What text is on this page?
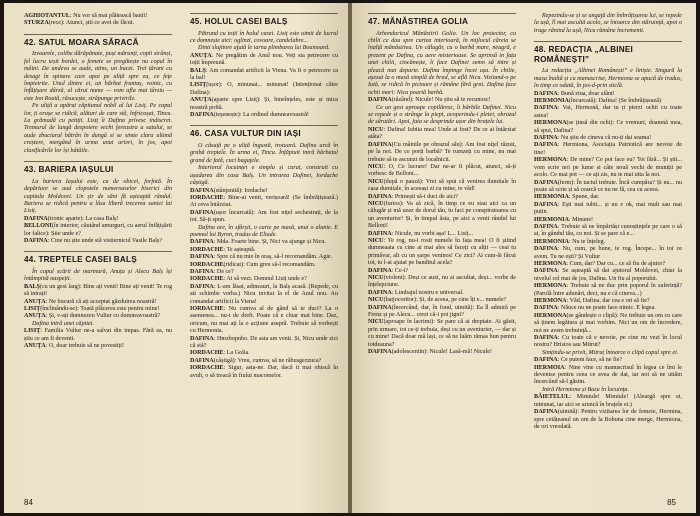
AGHIOTANTUL: Nu vor să mai plătească banii!

STURZA(rece): Atunci, știi ce avei de făcut.

42. SATUL MOARA SĂRACĂ

Izvoarele, colibe dărăpănate, puși mărunți, copii strânși, fel lucru ieșit bordei, o femeie se pregătește nu copul în mâini. De undeva se aude, atins, un bucet. Trei țărani cu desagi în spinare care apoi pe uliță spre ea, ce fețe împietrite. Unul dintre ei, un bărbat fruntaș, voinic, cu înfățișare dârză, al cărui nume — vom afla mai târziu — este Ion Roată, răsucește, străpunge privirile.

Pe uliță a apărut căpitanul nobil al lui Lisiț. Pe capul lor, ți orașe se ridică, alături de care stă, înfricoșat, Tincu. La grămadă cu petiții. Lisiț îi Dafina privesc indiscret. Tremurul de lungă despoiere vechi fereastra a satului, se aude zbuciurul bătrân în dungă si se simte clara ultimă creștere, mergând în urma unui arieri, în jos, apoi clasificările lor își bătăile.

43. BARIERA IAȘULUI

La bariera Iașului este, ca de obicei, forfotă. În depărtare se aud clopotele numeroaselor biserici din capitala Moldovei. Un șir de săni fă așteaptă rândul. Bariera se ridică pentru a lăsa liberă trecerea saniei lui Lisiț.

DAFINA(ironic aparte): La casa Balș!

BELLONI(în interior, căutând amurguri, cu aerul înfățișării lor falice): Știe unde e?

DAFINA: Cine nu știe unde stă vistiernicul Vasile Balș?

44. TREPTELE CASEI BALȘ

În capul scării de marmură, Anuța și Alecu Balș își întâmpină oaspeții.

BALȘ(cu un gest larg): Bine ați venit! Bine ați venit! Te rog să intrați!

ANUȚA: Ne bucură că ați acceptat găzduirea noastră!

LISIȚ(înclinându-se): Toată plăcerea este pentru mine!

ANUȚA: Și, v-ați dumnezeu Vultur cu dumneavoastră?

Dafina intră unei căpitei.

LISIȚ: Familia Vultur ne-a salvat din impas. Fără ea, nu știu ce am fi devenit.

ANUȚA: O, doar trebuie să ne povestiți!

45. HOLUL CASEI BALȘ

Pătrund cu toții în holul casei. Lisiț este uimit de lucrul ce domnește aici: oglinzi, covoare, candelabre...

Dinti slujitore ajută le iarna plimbarea lui Boumoard.

ANUȚA: Ne pregătim de Anul nou. Veți sta petrecere cu toții împreună.

BALȘ: Am comandat artificii la Viena. Va fi o petrecere ca la bal!

LISIȚ(ușor): O, minunat... minunat! (Intenționat către Dafina):

ANUȚA(aparte spre Lisiț): Și, bineînțeles, este și mica noastră poftă.

DAFINA(ieșenește): La ordinul dumneavoastră!

46. CASA VULTUR DIN IAȘI

O căsuță pe o uliță îngustă, trotuară. Dafina urcă în grabă treptele. În urma ei, Tincu. Înfăptuit intră bărbatul grand de fată, cuci bagajele.

Interiorul locuinței e simplu și curat, construit cu așadarea din casa Balș. Un intrarea Dafinei, Iordache câștigă.

DAFINA(stânjenită): Iordache!

IORDACHE: Bine-ai venit, verișoară! (Se îmbrățișează.) Ai ceva întârziat.

DAFINA(ușor încurcată): Am fost nițel sechestrați, de la tot. Să-ți spun.

Dafina are, în sfârșit, o carte pe masă, unui o alunie. E poemul lui Byron, tradus de Eliade.

DAFINA: Mda. Foarte bine. Și, Nici va ajunge și Nicu.

IORDACHE: Te așteaptă.

DAFINA: Spre că nu mie în oraș, să-l recomandăm. Agie.

IORDACHE(ridicat): Cum greu să-l recomandăm.

DAFINA: De ce?

IORDACHE: Ai să vezi. Domnul Lisiț unde e?

DAFINA: L-am lăsat, adineauri, la Balș acasă. (Repede, cu ait schimbe vorba.) Nicu invitat la el de Anul nou. Au comandat artificii la Viena!

IORDACHE: Nu cumva al de gând să te duci? La o asemenea... nu-i de dreft. Poate că e chiar mai bine. Daz, oricum, nu mai ați la o acțiune asupră. Trebuie să vorbești cu Hermonia.

DAFINA: Hmzbopnbo. De asta am venit. Și, Nicu unde zici că stă?

IORDACHE: La Golia.

DAFINA(câștigă): Vreu, cumva, să ne răbusgezzuca?

IORDACHE: Sigur, asta-ne. Dar, dacă it mai ohiscă în avult, o să treacă în fiului macomelor.

84
47. MĂNĂSTIREA GOLIA

Arhondaricul Mănăstirii Golia. Un loc protector, cu chilii ce dau spre curtea interioară, în mijlocul căreia se înalță mănăstirea. Un călugăr, cu o barbă mare, neagră, e prezent pe Dafina, cu aere misterioase. Se aprinsă in fața unei chilii, ciocănește, îi face Dafinei semn să intre și pleacă mai departe. Dafina împinge încet ușa. În chilie, așezat la o masă simplă de brad, se află Nicu. Vizitand-o pe Iută, se ridică în picioare și rămâne fără grai. Dafina face ochii mari: Nicu poartă barbă.

DAFINA(râzând): Nicule! Nu știu să te recunosc!

Ce un gest aproape copilăresc, îi bărbile Dafinei. Nicu se repede și o strânge la piept, acoperindu-i pletei, obrazul de sărutări. Apoi, fata se desprinde ușor din brațele lui.

NICU: Dafina! Iubita mea! Unde ai fost? De ce ai întârziat atâta?

DAFINA(Cu mâinile pe obrazul său): Am fost nițel răzuit, pe la noi. De ce porți barbă? Te rumzeți cu mine, nu mai trebuie să te ascunzi de localnicii.

NICU: O, Ce lucrare! Dar ne-ar fi plăcut, atunci, să-ți vorbesc de Belloni...

NICU(după o pauză): Vrei să spui că venirea dumitale în casa dumitale, în aceeași zi cu mine, te văd!

DAFINA: Primești să-i duci de aici?

NICU(furios): Va să zică, în timp ce eu stau aici ca un călugăr și mă uzez de dorul tău, tu faci pe conspiratoarea cu un aventurier! Și, în timpul ăsta, pe aici a venit rândul lui Belloni!

DAFINA: Nicule, nu vorbi așa! L... Lisiț...

NICU: Te rog, nu-i rosti numele în fața mea! O fi știind dumneaata cu cine ai mai ales să faceți cu alții — ceai tu primăvar, alt cu un șarpe veninos! Ce zici? Ai cum-ăi făcut tot, tu l-ai ajutat pe banditul acela?

DAFINA: Ce-i?

NICU(violent): Deși ce auzi, nu ai ascultat, deși... vorbe de înțelepciune.

DAFINA: Limbajul nostru e universal.

NICU(batjocoritor): Și, de aceea, pe cine îți e... numele?

DAFINA(încercând, dar, în fond, uimită): Ea îl admiră pe Frenz și pe Alecu... crezi că-i pot jigni?

NICU(aproape în lacrimi): Se pare că ai dreptate. Ai găsit, prin urmare, tot ce-ți trebuia, deși cu un aventurier, — dar și cu mine! Dacă doar mă lași, ce să ne luăm rămas bun pentru totdeauna?

DAFINA(adolescentin): Nicule! Lasă-mă! Nicule!

Repezindu-se și se angajă din îmbrățișarea lui, se repede la ușă, îl mai ascultă acolo, se întoarce din stăruință, apoi o trage rănind la ușă, Nicu rămâne încremenit.

48. REDACȚIA „ALBINEI ROMÂNEȘTI”

La redacția „Albinei Românești” e liniște. Singură la masa înaltă și cu manuscrise, Hermiona se apucă de tradus, în timp ce odată, în jos-d-prin sticlă.

DAFINA: Bună ziua, doar sfânt!

HERMONIA(încurcată): Dafina! (Se îmbrățișează)

DAFINA: Vai, Hermonă, dar tu ți pierzi ochii cu toate astea!

HERMONA(se ținsă din ochi): Ce vremuri, doamnă mea, să spui, Dafina?

DAFINA: Nu știu de cineva că nu-ți dai seama!

DAFINA: Hermiona, Asociația Patriotică are nevoie de tine!

HERMONA: De mine? Ce pot face eu? Tot fără... Și știi... vom scrie noi pe lume și câte nouă vechi de muniții pe acolo. Ce mai pot — ce ați zis, nu te mai uita la noi.

DAFINA(ferm): În tactul trebuie. Încă cumpăra? Și nu... nu poate să scrie și să cearcă ce nu ne fă, cea cu aceea.

HERMONIA: Spune, dar.

DAFINA: Ești mai iubit... și nu e ok, mai mult sau mai puțin.

HERMONIA: Minune!

DAFINA: Trebuie să ne împărtăși cunoștințele pe care o să ai, în gândul tău, cu noi. Și se pare că e...

HERMONIA: Nu te înțeleg.

DAFINA: Nu, cum, pe bune, te rog. Începe... în tot ce avem. Tu ne ești? Și Vultur

HERMONA: Cum, dar? Dar cu... ce să fiu de ajutor?

DAFINA: Se așteaptă să dai ajutorul Moldovei, chiar la nivelul cel mai de jos, Dafina. Un fiu al poporului.

HERMONA: Trebuie să ne duc prin poporul în suferință? (Parolă între adunări, deci, nu e că cineva...)

HERMONA: Văd, Dafina, dar cea e ori să fie?

DAFINA: Năuce nu ne poate face nimic. E legea.

HERMONA(se gândește o clipă): Ne trebuie un om cu care să ținem legătura și mai vorbim. Nici un om de încredere, noi ne avem trebuință...

DAFINA: Cu toate că e nevoie, pe cine nu vezi în locul nostru? Hristos sau Mitrut?

Simțindu-se privit, Mitruț întoarce o clipă capul spre ei.

DAFINA: Ce putem face, să ne fie?

HERMOIA: Nine vine cu manuscrisul în legea ce îmi le devenise pentru ceea ce avea de dat, iar noi să ne uităm încercând să-l găsim.

Intră Hermiona și Bazu în locuința.

BĂIETELUL: Mimiule! Mimiule! (Aleargă spre ei, minunat, iar aici se aruncă în brațele ei.)

DAFINA(uimită): Pentru vizitarea lor de femeie, Hermina, spre cetățeanul un om de la Bobuna cine merge, Hermiona, de ori vreodată.

85
